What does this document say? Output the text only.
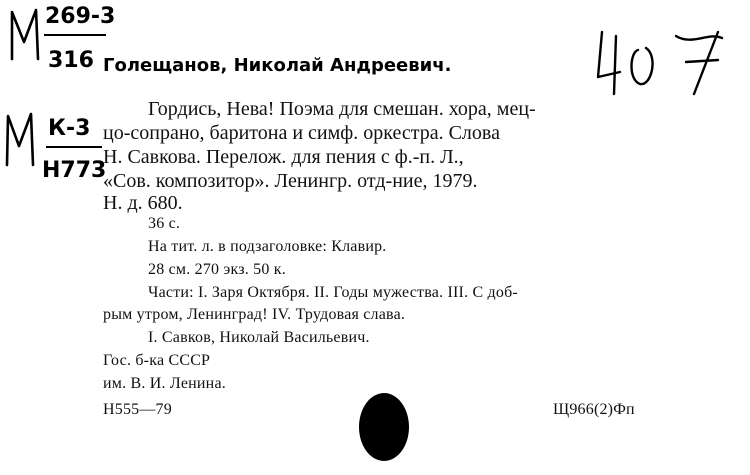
269-3
316
К-3
Н773
Голещанов, Николай Андреевич.
Гордись, Нева! Поэма для смешан. хора, мец-
цо-сопрано, баритона и симф. оркестра. Слова
Н. Савкова. Перелож. для пения с ф.-п. Л.,
«Сов. композитор». Ленингр. отд-ние, 1979.
Н. д. 680.
36 с.
На тит. л. в подзаголовке: Клавир.
28 см. 270 экз. 50 к.
Части: I. Заря Октября. II. Годы мужества. III. С доб-
рым утром, Ленинград! IV. Трудовая слава.
I. Савков, Николай Васильевич.
Гос. б-ка СССР
им. В. И. Ленина.
Н555—79	Щ966(2)Фп
